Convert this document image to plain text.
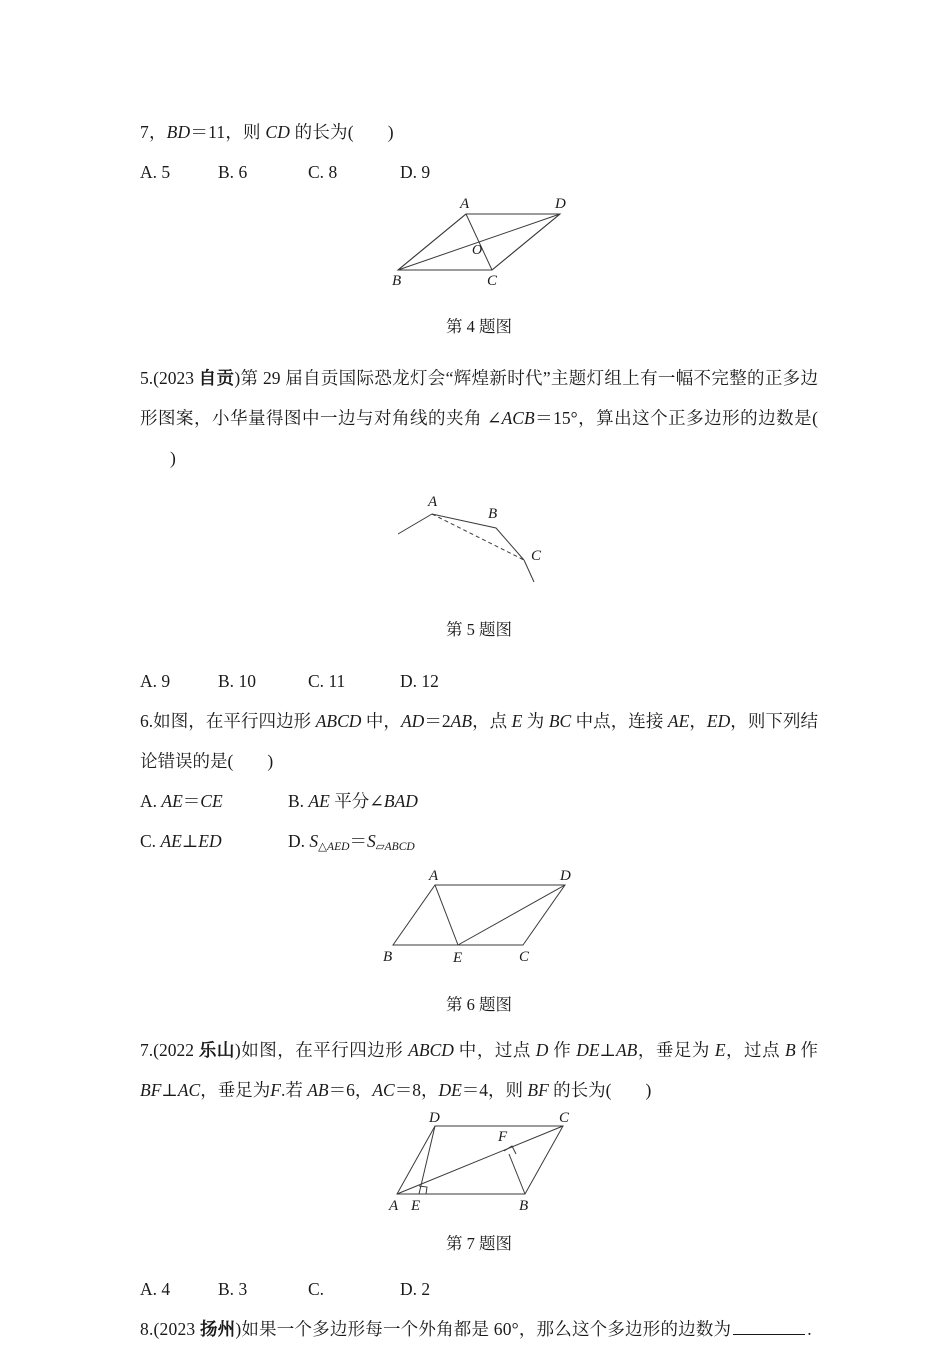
7，BD＝11，则 CD 的长为( )
A. 5	B. 6	C. 8	D. 9
A	D
B	C
O
第 4 题图
5.(2023 自贡)第 29 届自贡国际恐龙灯会“辉煌新时代”主题灯组上有一幅不完整的正多边形图案，小华量得图中一边与对角线的夹角 ∠ACB＝15°，算出这个正多边形的边数是()
A
B
C
第 5 题图
A. 9	B. 10	C. 11	D. 12
6.如图，在平行四边形 ABCD 中，AD＝2AB，点 E 为 BC 中点，连接 AE，ED，则下列结论错误的是( )
A. AE＝CE	B. AE 平分∠BAD
C. AE⊥ED	D. $S_{\triangle AED}=S_{▱ABCD}$
A	D
B	E	C
第 6 题图
7.(2022 乐山)如图，在平行四边形 ABCD 中，过点 D 作 DE⊥AB，垂足为 E，过点 B 作BF⊥AC，垂足为F.若 AB＝6，AC＝8，DE＝4，则 BF 的长为( )
D	C
A E	B
F
第 7 题图
A. 4	B. 3	C.	D. 2
8.(2023 扬州)如果一个多边形每一个外角都是 60°，那么这个多边形的边数为	.
